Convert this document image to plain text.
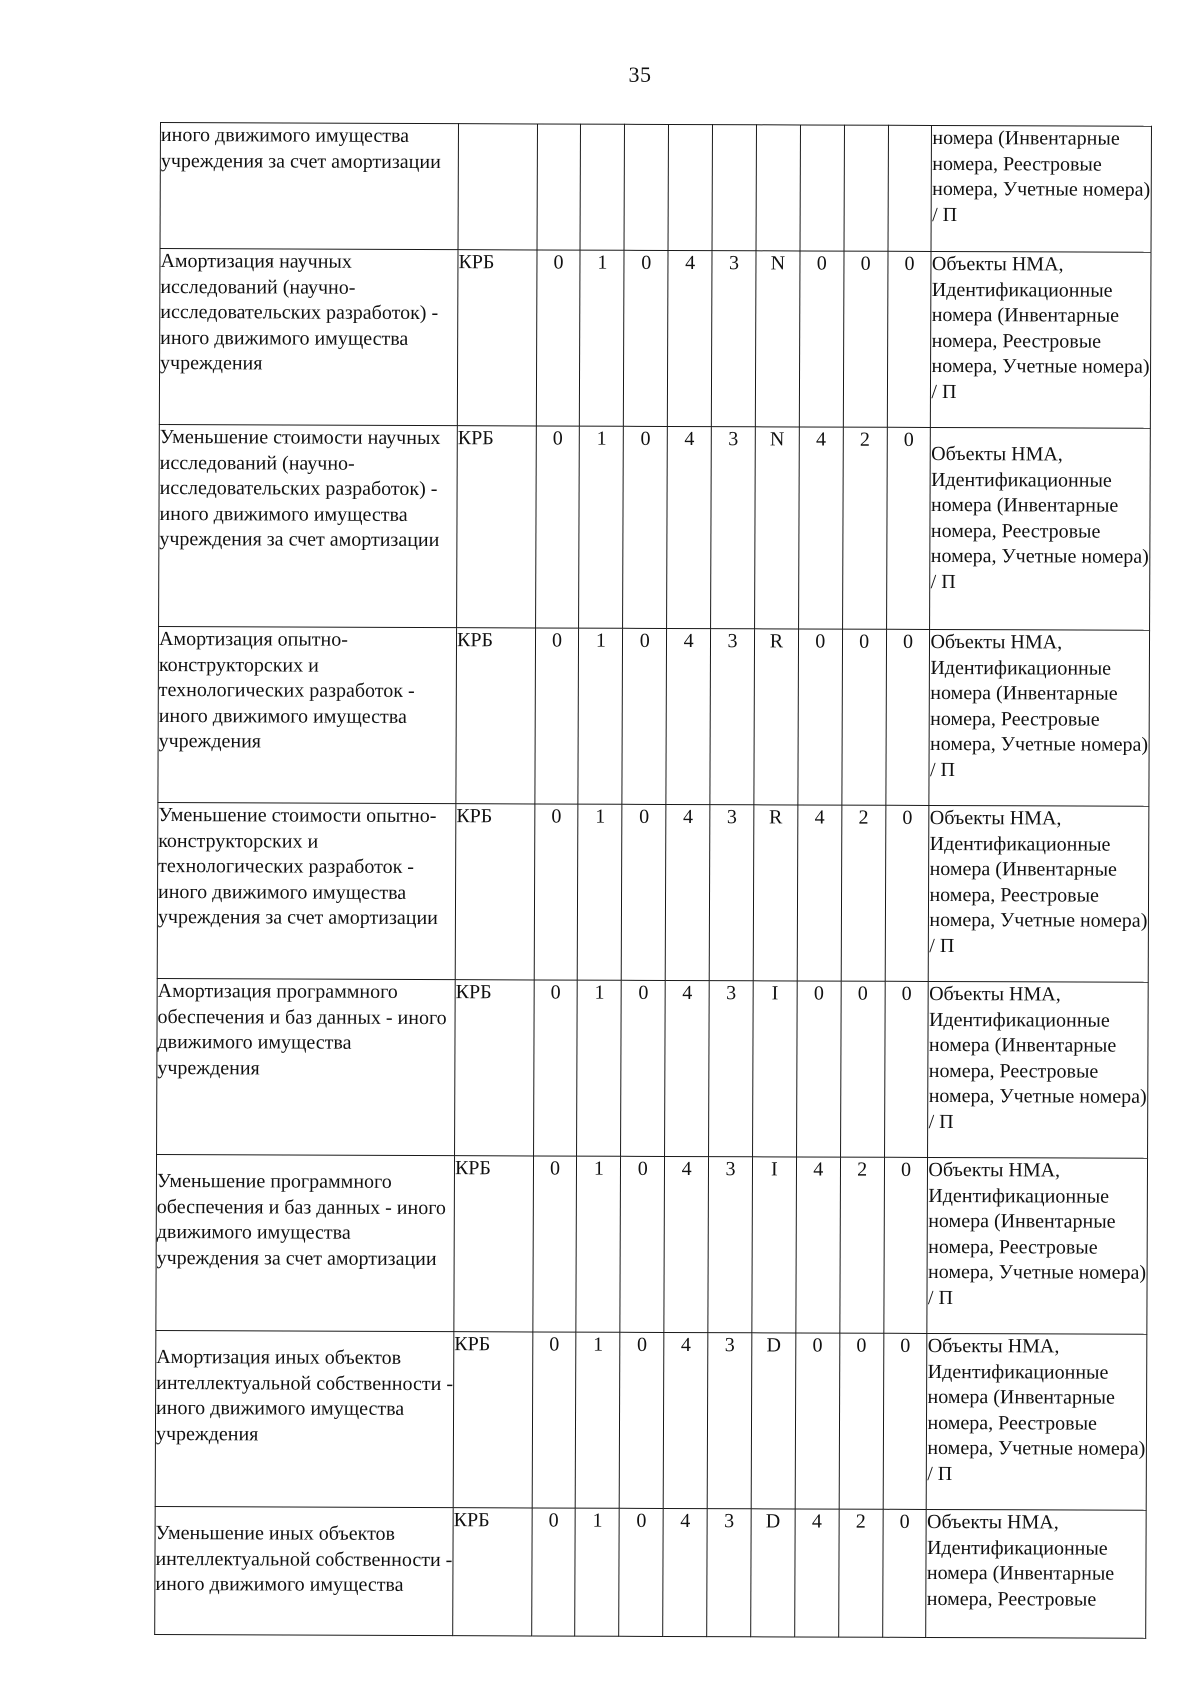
35
иного движимого имущества учреждения за счет амортизации											номера (Инвентарные номера, Реестровые номера, Учетные номера) / П
Амортизация научных исследований (научно-исследовательских разработок) - иного движимого имущества учреждения	КРБ	0	1	0	4	3	N	0	0	0	Объекты НМА, Идентификационные номера (Инвентарные номера, Реестровые номера, Учетные номера) / П
Уменьшение стоимости научных исследований (научно-исследовательских разработок) - иного движимого имущества учреждения за счет амортизации	КРБ	0	1	0	4	3	N	4	2	0	Объекты НМА, Идентификационные номера (Инвентарные номера, Реестровые номера, Учетные номера) / П
Амортизация опытно-конструкторских и технологических разработок - иного движимого имущества учреждения	КРБ	0	1	0	4	3	R	0	0	0	Объекты НМА, Идентификационные номера (Инвентарные номера, Реестровые номера, Учетные номера) / П
Уменьшение стоимости опытно-конструкторских и технологических разработок - иного движимого имущества учреждения за счет амортизации	КРБ	0	1	0	4	3	R	4	2	0	Объекты НМА, Идентификационные номера (Инвентарные номера, Реестровые номера, Учетные номера) / П
Амортизация программного обеспечения и баз данных - иного движимого имущества учреждения	КРБ	0	1	0	4	3	I	0	0	0	Объекты НМА, Идентификационные номера (Инвентарные номера, Реестровые номера, Учетные номера) / П
Уменьшение программного обеспечения и баз данных - иного движимого имущества учреждения за счет амортизации	КРБ	0	1	0	4	3	I	4	2	0	Объекты НМА, Идентификационные номера (Инвентарные номера, Реестровые номера, Учетные номера) / П
Амортизация иных объектов интеллектуальной собственности - иного движимого имущества учреждения	КРБ	0	1	0	4	3	D	0	0	0	Объекты НМА, Идентификационные номера (Инвентарные номера, Реестровые номера, Учетные номера) / П
Уменьшение иных объектов интеллектуальной собственности - иного движимого имущества	КРБ	0	1	0	4	3	D	4	2	0	Объекты НМА, Идентификационные номера (Инвентарные номера, Реестровые
